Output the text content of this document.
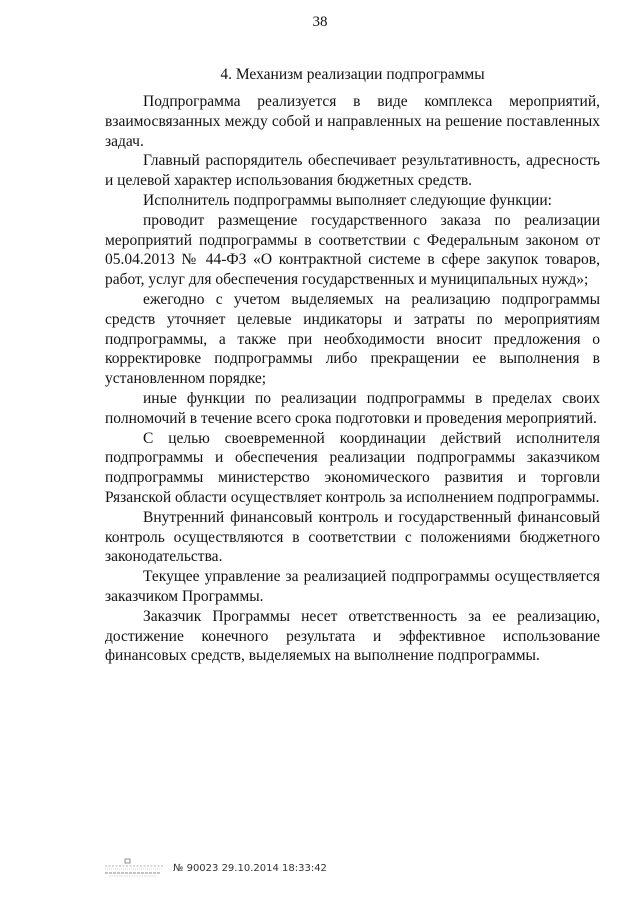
38
4. Механизм реализации подпрограммы

Подпрограмма реализуется в виде комплекса мероприятий, взаимосвязанных между собой и направленных на решение поставленных задач.

Главный распорядитель обеспечивает результативность, адресность и целевой характер использования бюджетных средств.

Исполнитель подпрограммы выполняет следующие функции:

проводит размещение государственного заказа по реализации мероприятий подпрограммы в соответствии с Федеральным законом от 05.04.2013 № 44-ФЗ «О контрактной системе в сфере закупок товаров, работ, услуг для обеспечения государственных и муниципальных нужд»;

ежегодно с учетом выделяемых на реализацию подпрограммы средств уточняет целевые индикаторы и затраты по мероприятиям подпрограммы, а также при необходимости вносит предложения о корректировке подпрограммы либо прекращении ее выполнения в установленном порядке;

иные функции по реализации подпрограммы в пределах своих полномочий в течение всего срока подготовки и проведения мероприятий.

С целью своевременной координации действий исполнителя подпрограммы и обеспечения реализации подпрограммы заказчиком подпрограммы министерство экономического развития и торговли Рязанской области осуществляет контроль за исполнением подпрограммы.

Внутренний финансовый контроль и государственный финансовый контроль осуществляются в соответствии с положениями бюджетного законодательства.

Текущее управление за реализацией подпрограммы осуществляется заказчиком Программы.

Заказчик Программы несет ответственность за ее реализацию, достижение конечного результата и эффективное использование финансовых средств, выделяемых на выполнение подпрограммы.

№ 90023 29.10.2014 18:33:42
